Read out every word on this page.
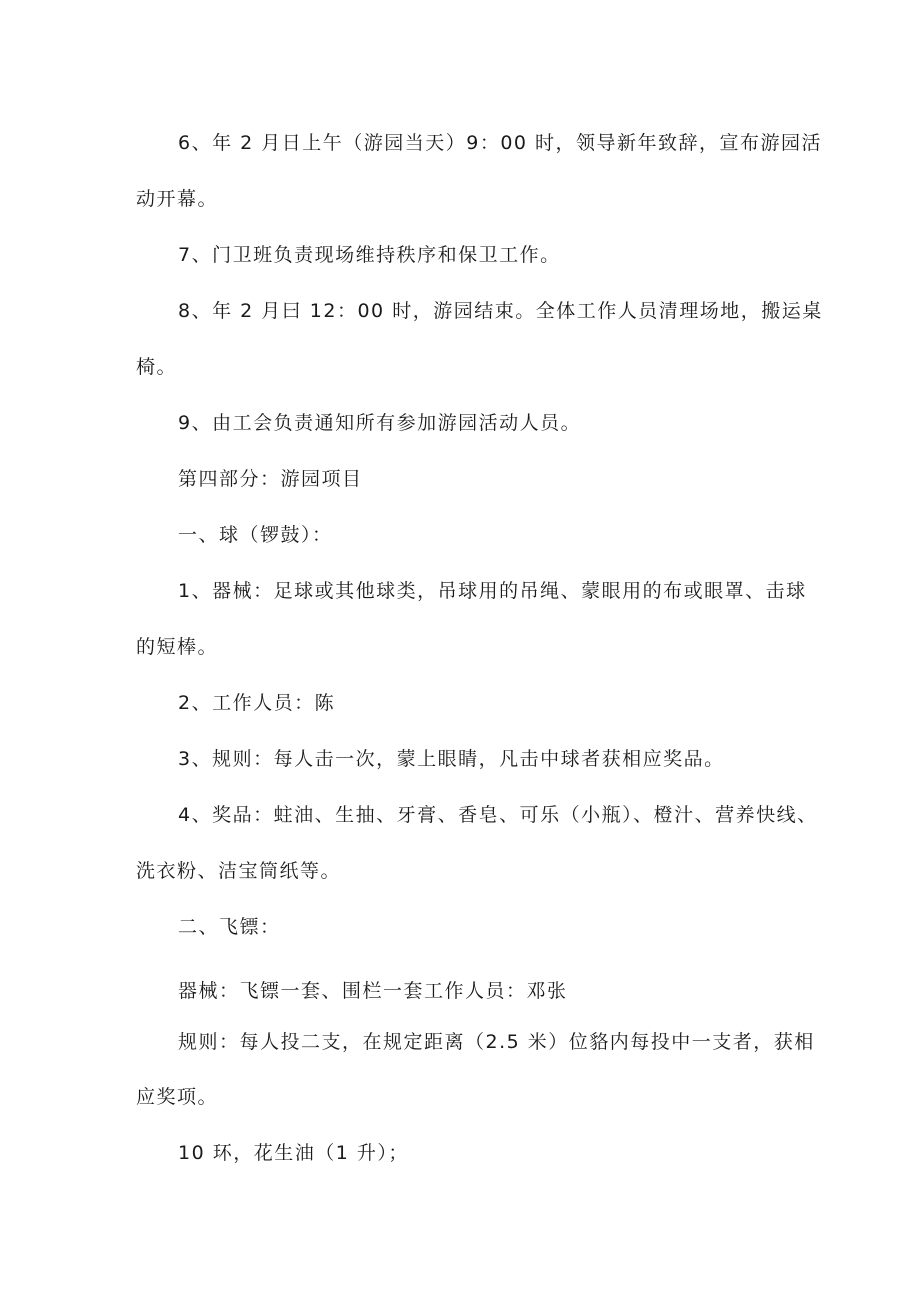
6、年 2 月日上午（游园当天）9：00 时，领导新年致辞，宣布游园活
动开幕。
7、门卫班负责现场维持秩序和保卫工作。
8、年 2 月曰 12：00 时，游园结束。全体工作人员清理场地，搬运桌
椅。
9、由工会负责通知所有参加游园活动人员。
第四部分：游园项目
一、球（锣鼓）：
1、器械：足球或其他球类，吊球用的吊绳、蒙眼用的布或眼罩、击球
的短棒。
2、工作人员：陈
3、规则：每人击一次，蒙上眼睛，凡击中球者获相应奖品。
4、奖品：蛀油、生抽、牙膏、香皂、可乐（小瓶）、橙汁、营养快线、
洗衣粉、洁宝筒纸等。
二、飞镖：
器械：飞镖一套、围栏一套工作人员：邓张
规则：每人投二支，在规定距离（2.5 米）位貉内每投中一支者，获相
应奖项。
10 环，花生油（1 升）；
